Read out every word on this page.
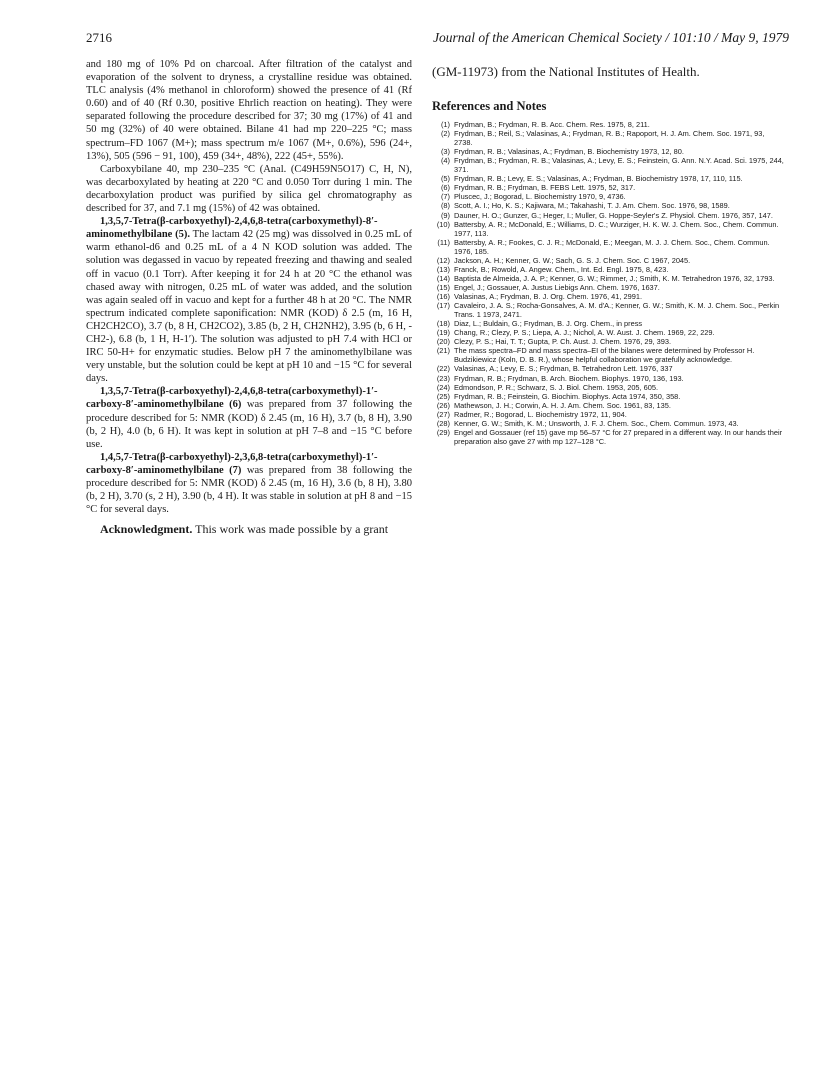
2716	Journal of the American Chemical Society / 101:10 / May 9, 1979

and 180 mg of 10% Pd on charcoal. After filtration of the catalyst and evaporation of the solvent to dryness, a crystalline residue was obtained. TLC analysis (4% methanol in chloroform) showed the presence of 41 (Rf 0.60) and of 40 (Rf 0.30, positive Ehrlich reaction on heating). They were separated following the procedure described for 37; 30 mg (17%) of 41 and 50 mg (32%) of 40 were obtained. Bilane 41 had mp 220–225 °C; mass spectrum–FD 1067 (M+); mass spectrum m/e 1067 (M+, 0.6%), 596 (24+, 13%), 505 (596 − 91, 100), 459 (34+, 48%), 222 (45+, 55%).

Carboxybilane 40, mp 230–235 °C (Anal. (C49H59N5O17) C, H, N), was decarboxylated by heating at 220 °C and 0.050 Torr during 1 min. The decarboxylation product was purified by silica gel chromatography as described for 37, and 7.1 mg (15%) of 42 was obtained.

1,3,5,7-Tetra(β-carboxyethyl)-2,4,6,8-tetra(carboxymethyl)-8′-aminomethylbilane (5). The lactam 42 (25 mg) was dissolved in 0.25 mL of warm ethanol-d6 and 0.25 mL of a 4 N KOD solution was added. The solution was degassed in vacuo by repeated freezing and thawing and sealed off in vacuo (0.1 Torr). After keeping it for 24 h at 20 °C the ethanol was chased away with nitrogen, 0.25 mL of water was added, and the solution was again sealed off in vacuo and kept for a further 48 h at 20 °C. The NMR spectrum indicated complete saponification: NMR (KOD) δ 2.5 (m, 16 H, CH2CH2CO), 3.7 (b, 8 H, CH2CO2), 3.85 (b, 2 H, CH2NH2), 3.95 (b, 6 H, -CH2-), 6.8 (b, 1 H, H-1′). The solution was adjusted to pH 7.4 with HCl or IRC 50-H+ for enzymatic studies. Below pH 7 the aminomethylbilane was very unstable, but the solution could be kept at pH 10 and −15 °C for several days.

1,3,5,7-Tetra(β-carboxyethyl)-2,4,6,8-tetra(carboxymethyl)-1′-carboxy-8′-aminomethylbilane (6) was prepared from 37 following the procedure described for 5: NMR (KOD) δ 2.45 (m, 16 H), 3.7 (b, 8 H), 3.90 (b, 2 H), 4.0 (b, 6 H). It was kept in solution at pH 7–8 and −15 °C before use.

1,4,5,7-Tetra(β-carboxyethyl)-2,3,6,8-tetra(carboxymethyl)-1′-carboxy-8′-aminomethylbilane (7) was prepared from 38 following the procedure described for 5: NMR (KOD) δ 2.45 (m, 16 H), 3.6 (b, 8 H), 3.80 (b, 2 H), 3.70 (s, 2 H), 3.90 (b, 4 H). It was stable in solution at pH 8 and −15 °C for several days.

Acknowledgment. This work was made possible by a grant

(GM-11973) from the National Institutes of Health.
References and Notes
(1) Frydman, B.; Frydman, R. B. Acc. Chem. Res. 1975, 8, 211.
(2) Frydman, B.; Reil, S.; Valasinas, A.; Frydman, R. B.; Rapoport, H. J. Am. Chem. Soc. 1971, 93, 2738.
(3) Frydman, R. B.; Valasinas, A.; Frydman, B. Biochemistry 1973, 12, 80.
(4) Frydman, B.; Frydman, R. B.; Valasinas, A.; Levy, E. S.; Feinstein, G. Ann. N.Y. Acad. Sci. 1975, 244, 371.
(5) Frydman, R. B.; Levy, E. S.; Valasinas, A.; Frydman, B. Biochemistry 1978, 17, 110, 115.
(6) Frydman, R. B.; Frydman, B. FEBS Lett. 1975, 52, 317.
(7) Pluscec, J.; Bogorad, L. Biochemistry 1970, 9, 4736.
(8) Scott, A. I.; Ho, K. S.; Kajiwara, M.; Takahashi, T. J. Am. Chem. Soc. 1976, 98, 1589.
(9) Dauner, H. O.; Gunzer, G.; Heger, I.; Muller, G. Hoppe-Seyler's Z. Physiol. Chem. 1976, 357, 147.
(10) Battersby, A. R.; McDonald, E.; Williams, D. C.; Wurziger, H. K. W. J. Chem. Soc., Chem. Commun. 1977, 113.
(11) Battersby, A. R.; Fookes, C. J. R.; McDonald, E.; Meegan, M. J. J. Chem. Soc., Chem. Commun. 1976, 185.
(12) Jackson, A. H.; Kenner, G. W.; Sach, G. S. J. Chem. Soc. C 1967, 2045.
(13) Franck, B.; Rowold, A. Angew. Chem., Int. Ed. Engl. 1975, 8, 423.
(14) Baptista de Almeida, J. A. P.; Kenner, G. W.; Rimmer, J.; Smith, K. M. Tetrahedron 1976, 32, 1793.
(15) Engel, J.; Gossauer, A. Justus Liebigs Ann. Chem. 1976, 1637.
(16) Valasinas, A.; Frydman, B. J. Org. Chem. 1976, 41, 2991.
(17) Cavaleiro, J. A. S.; Rocha-Gonsalves, A. M. d'A.; Kenner, G. W.; Smith, K. M. J. Chem. Soc., Perkin Trans. 1 1973, 2471.
(18) Diaz, L.; Buldain, G.; Frydman, B. J. Org. Chem., in press
(19) Chang, R.; Clezy, P. S.; Liepa, A. J.; Nichol, A. W. Aust. J. Chem. 1969, 22, 229.
(20) Clezy, P. S.; Hai, T. T.; Gupta, P. Ch. Aust. J. Chem. 1976, 29, 393.
(21) The mass spectra–FD and mass spectra–EI of the bilanes were determined by Professor H. Budzikiewicz (Koln, D. B. R.), whose helpful collaboration we gratefully acknowledge.
(22) Valasinas, A.; Levy, E. S.; Frydman, B. Tetrahedron Lett. 1976, 337
(23) Frydman, R. B.; Frydman, B. Arch. Biochem. Biophys. 1970, 136, 193.
(24) Edmondson, P. R.; Schwarz, S. J. Biol. Chem. 1953, 205, 605.
(25) Frydman, R. B.; Feinstein, G. Biochim. Biophys. Acta 1974, 350, 358.
(26) Mathewson, J. H.; Corwin, A. H. J. Am. Chem. Soc. 1961, 83, 135.
(27) Radmer, R.; Bogorad, L. Biochemistry 1972, 11, 904.
(28) Kenner, G. W.; Smith, K. M.; Unsworth, J. F. J. Chem. Soc., Chem. Commun. 1973, 43.
(29) Engel and Gossauer (ref 15) gave mp 56–57 °C for 27 prepared in a different way. In our hands their preparation also gave 27 with mp 127–128 °C.
